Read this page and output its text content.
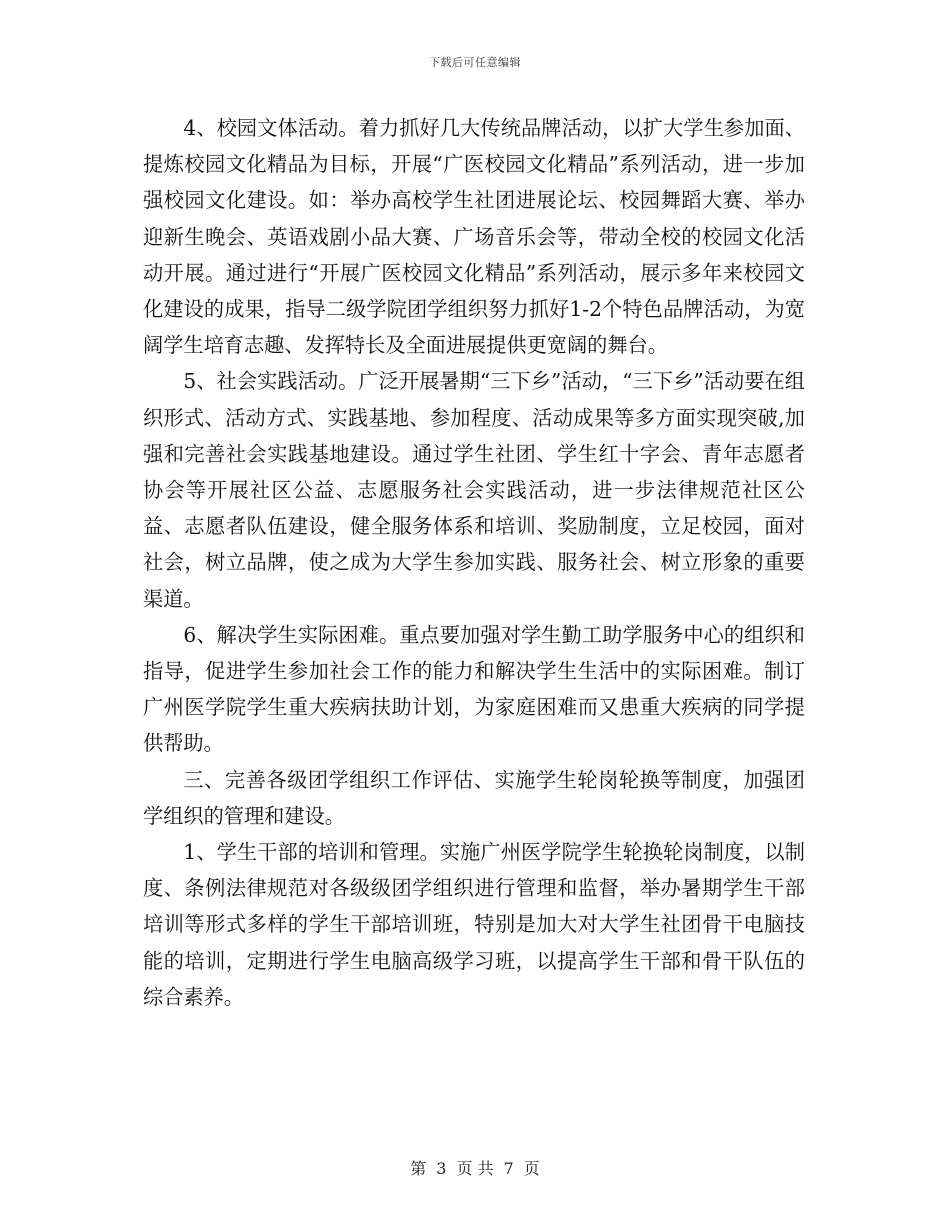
下载后可任意编辑

4、校园文体活动。着力抓好几大传统品牌活动，以扩大学生参加面、提炼校园文化精品为目标，开展“广医校园文化精品”系列活动，进一步加强校园文化建设。如：举办高校学生社团进展论坛、校园舞蹈大赛、举办迎新生晚会、英语戏剧小品大赛、广场音乐会等，带动全校的校园文化活动开展。通过进行“开展广医校园文化精品”系列活动，展示多年来校园文化建设的成果，指导二级学院团学组织努力抓好1-2个特色品牌活动，为宽阔学生培育志趣、发挥特长及全面进展提供更宽阔的舞台。

5、社会实践活动。广泛开展暑期“三下乡”活动，“三下乡”活动要在组织形式、活动方式、实践基地、参加程度、活动成果等多方面实现突破,加强和完善社会实践基地建设。通过学生社团、学生红十字会、青年志愿者协会等开展社区公益、志愿服务社会实践活动，进一步法律规范社区公益、志愿者队伍建设，健全服务体系和培训、奖励制度，立足校园，面对社会，树立品牌，使之成为大学生参加实践、服务社会、树立形象的重要渠道。

6、解决学生实际困难。重点要加强对学生勤工助学服务中心的组织和指导，促进学生参加社会工作的能力和解决学生生活中的实际困难。制订广州医学院学生重大疾病扶助计划，为家庭困难而又患重大疾病的同学提供帮助。

三、完善各级团学组织工作评估、实施学生轮岗轮换等制度，加强团学组织的管理和建设。

1、学生干部的培训和管理。实施广州医学院学生轮换轮岗制度，以制度、条例法律规范对各级级团学组织进行管理和监督，举办暑期学生干部培训等形式多样的学生干部培训班，特别是加大对大学生社团骨干电脑技能的培训，定期进行学生电脑高级学习班，以提高学生干部和骨干队伍的综合素养。

第 3 页 共 7 页
